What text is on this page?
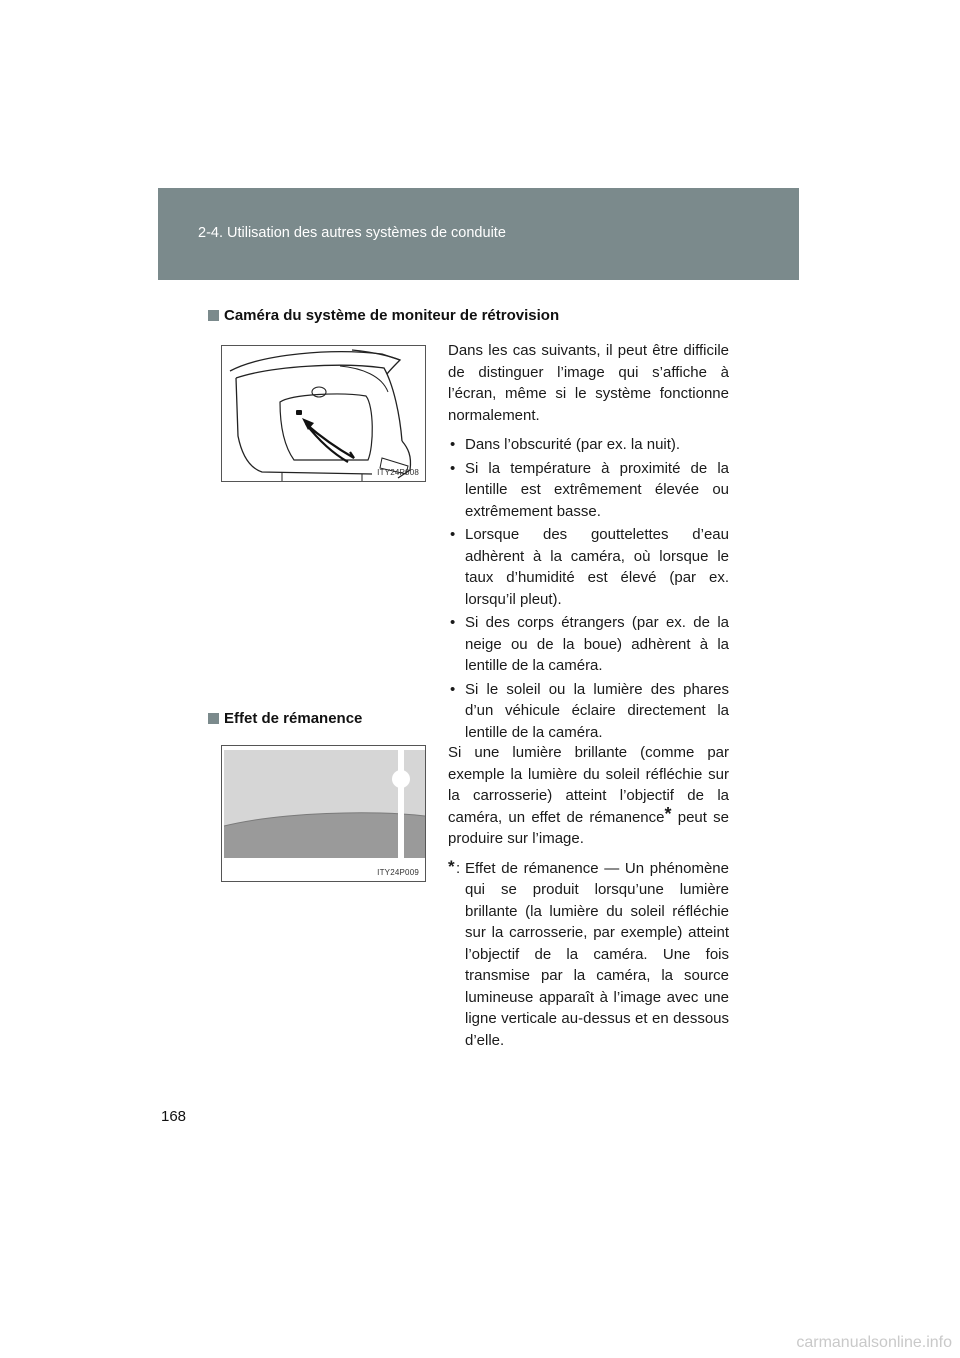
2-4. Utilisation des autres systèmes de conduite
Caméra du système de moniteur de rétrovision
ITY24P008

Dans les cas suivants, il peut être difficile de distinguer l’image qui s’affiche à l’écran, même si le système fonctionne normalement.

• Dans l’obscurité (par ex. la nuit).
• Si la température à proximité de la lentille est extrêmement élevée ou extrêmement basse.
• Lorsque des gouttelettes d’eau adhèrent à la caméra, où lorsque le taux d’humidité est élevé (par ex. lorsqu’il pleut).
• Si des corps étrangers (par ex. de la neige ou de la boue) adhèrent à la lentille de la caméra.
• Si le soleil ou la lumière des phares d’un véhicule éclaire directement la lentille de la caméra.
Effet de rémanence
ITY24P009

Si une lumière brillante (comme par exemple la lumière du soleil réfléchie sur la carrosserie) atteint l’objectif de la caméra, un effet de rémanence* peut se produire sur l’image.

* : Effet de rémanence — Un phénomène qui se produit lorsqu’une lumière brillante (la lumière du soleil réfléchie sur la carrosserie, par exemple) atteint l’objectif de la caméra. Une fois transmise par la caméra, la source lumineuse apparaît à l’image avec une ligne verticale au-dessus et en dessous d’elle.
168
carmanualsonline.info
